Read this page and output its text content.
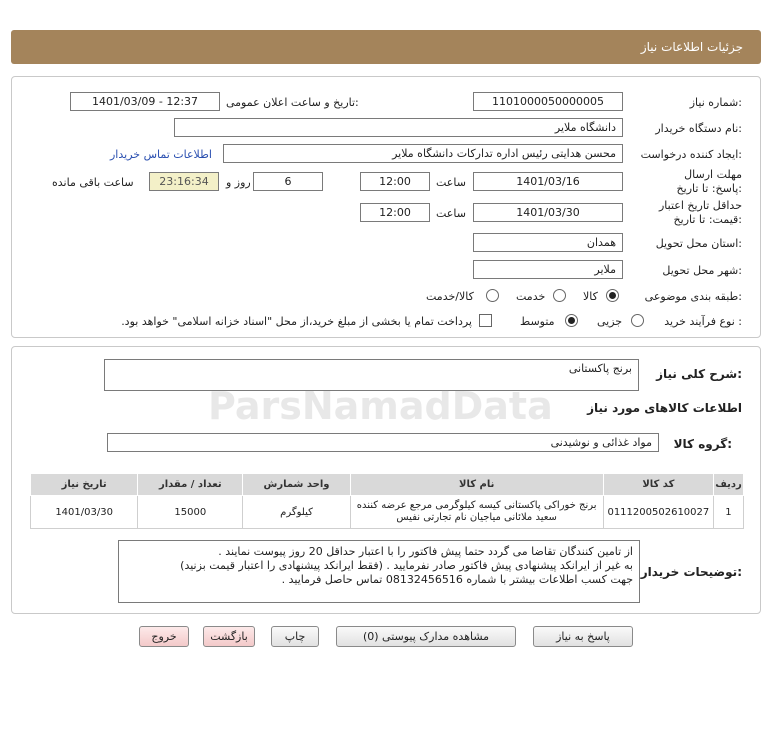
جزئیات اطلاعات نیاز
شماره نیاز:
1101000050000005
تاریخ و ساعت اعلان عمومی:
1401/03/09 - 12:37
نام دستگاه خریدار:
دانشگاه ملایر
ایجاد کننده درخواست:
محسن هدایتی رئیس اداره تدارکات دانشگاه ملایر
اطلاعات تماس خریدار
مهلت ارسال پاسخ: تا تاریخ:
1401/03/16
ساعت
12:00
6
روز و
23:16:34
ساعت باقی مانده
حداقل تاریخ اعتبار قیمت: تا تاریخ:
1401/03/30
ساعت
12:00
استان محل تحویل:
همدان
شهر محل تحویل:
ملایر
طبقه بندی موضوعی:
کالا
خدمت
کالا/خدمت
نوع فرآیند خرید :
جزیی
متوسط
پرداخت تمام یا بخشی از مبلغ خرید،از محل "اسناد خزانه اسلامی" خواهد بود.
شرح کلی نیاز:
برنج پاکستانی
اطلاعات کالاهای مورد نیاز
گروه کالا:
مواد غذائی و نوشیدنی
ردیف	کد کالا	نام کالا	واحد شمارش	تعداد / مقدار	تاریخ نیاز
1	0111200502610027	برنج خوراکی پاکستانی کیسه کیلوگرمی مرجع عرضه کننده سعید ملائانی میاجیان نام تجارتی نفیس	کیلوگرم	15000	1401/03/30
توضیحات خریدار:
از تامین کنندگان تقاضا می گردد حتما پیش فاکتور را با اعتبار حداقل 20 روز پیوست نمایند .
به غیر از ایرانکد پیشنهادی پیش فاکتور صادر نفرمایید . (فقط ایرانکد پیشنهادی را اعتبار قیمت بزنید)
جهت کسب اطلاعات بیشتر با شماره 08132456516 تماس حاصل فرمایید .
ParsNamadData
پاسخ به نیاز
مشاهده مدارک پیوستی (0)
چاپ
بازگشت
خروج
